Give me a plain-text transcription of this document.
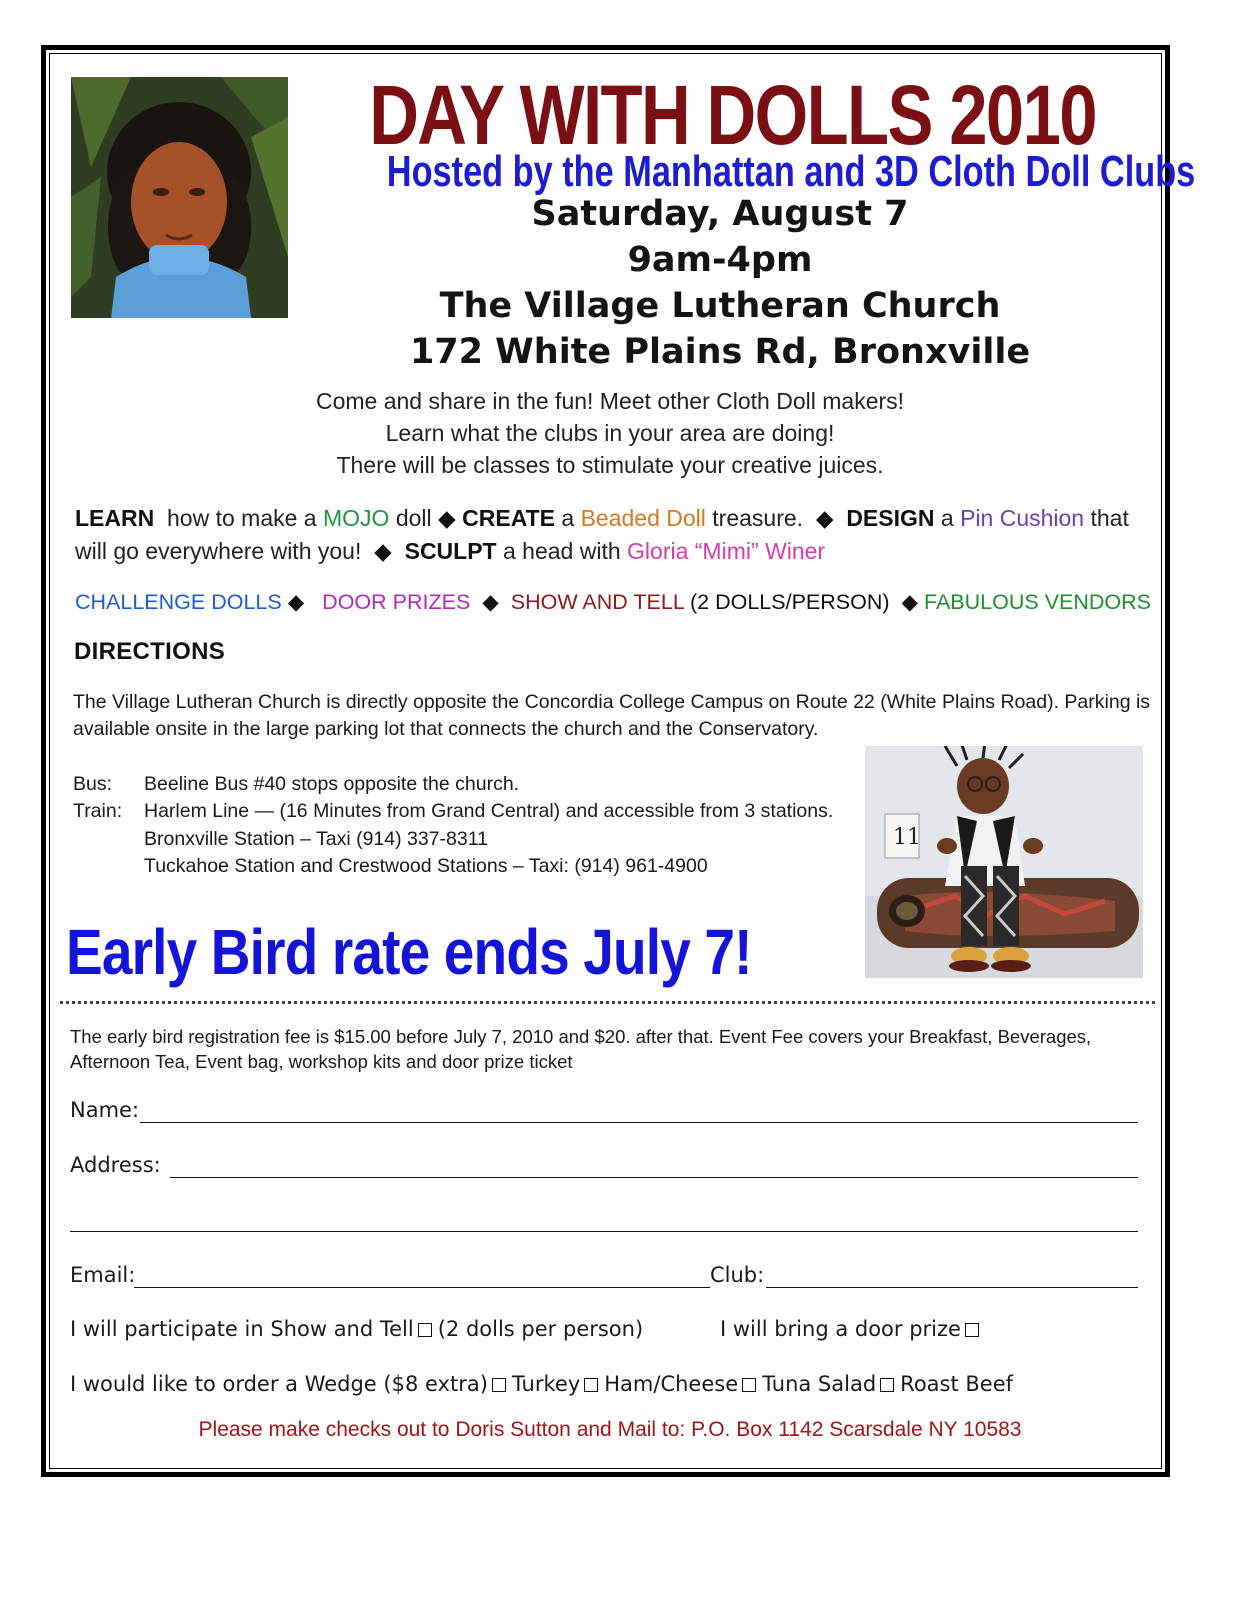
DAY WITH DOLLS 2010
Hosted by the Manhattan and 3D Cloth Doll Clubs
Saturday, August 7
9am-4pm
The Village Lutheran Church
172 White Plains Rd, Bronxville
Come and share in the fun! Meet other Cloth Doll makers!
Learn what the clubs in your area are doing!
There will be classes to stimulate your creative juices.
LEARN how to make a MOJO doll ◆ CREATE a Beaded Doll treasure. ◆ DESIGN a Pin Cushion that will go everywhere with you! ◆ SCULPT a head with Gloria “Mimi” Winer
CHALLENGE DOLLS ◆ DOOR PRIZES ◆ SHOW AND TELL (2 DOLLS/PERSON) ◆ FABULOUS VENDORS
DIRECTIONS
The Village Lutheran Church is directly opposite the Concordia College Campus on Route 22 (White Plains Road). Parking is available onsite in the large parking lot that connects the church and the Conservatory.
Bus: Beeline Bus #40 stops opposite the church.
Train: Harlem Line — (16 Minutes from Grand Central) and accessible from 3 stations.
Bronxville Station – Taxi (914) 337-8311
Tuckahoe Station and Crestwood Stations – Taxi: (914) 961-4900
11
Early Bird rate ends July 7!
The early bird registration fee is $15.00 before July 7, 2010 and $20. after that. Event Fee covers your Breakfast, Beverages, Afternoon Tea, Event bag, workshop kits and door prize ticket
Name:
Address:
Email:	Club:
I will participate in Show and Tell (2 dolls per person)	I will bring a door prize
I would like to order a Wedge ($8 extra) Turkey Ham/Cheese Tuna Salad Roast Beef
Please make checks out to Doris Sutton and Mail to: P.O. Box 1142 Scarsdale NY 10583
